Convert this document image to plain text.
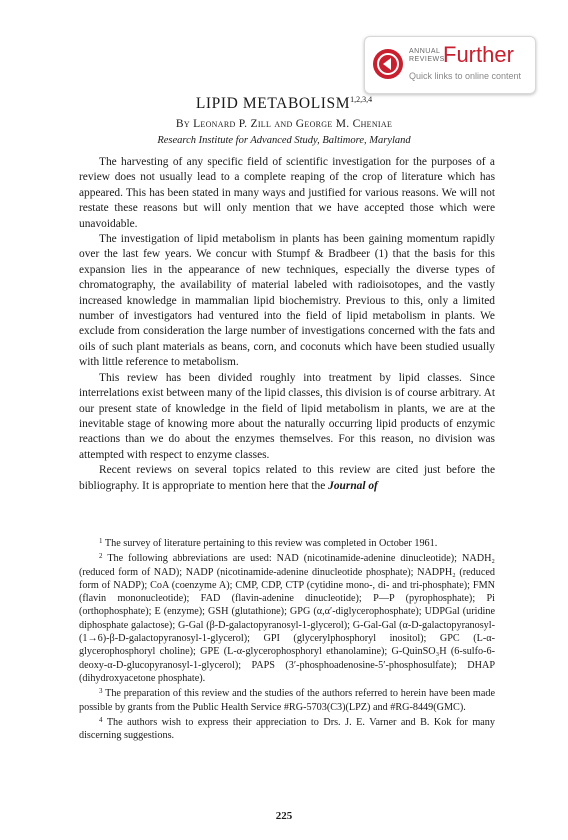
ANNUAL
REVIEWS
Further
Quick links to online content
LIPID METABOLISM$^{1,2,3,4}$
By Leonard P. Zill and George M. Cheniae
Research Institute for Advanced Study, Baltimore, Maryland

The harvesting of any specific field of scientific investigation for the purposes of a review does not usually lead to a complete reaping of the crop of literature which has appeared. This has been stated in many ways and justified for various reasons. We will not restate these reasons but will only mention that we have accepted those which were unavoidable.

The investigation of lipid metabolism in plants has been gaining momentum rapidly over the last few years. We concur with Stumpf & Bradbeer (1) that the basis for this expansion lies in the appearance of new techniques, especially the diverse types of chromatography, the availability of material labeled with radioisotopes, and the vastly increased knowledge in mammalian lipid biochemistry. Previous to this, only a limited number of investigators had ventured into the field of lipid metabolism in plants. We exclude from consideration the large number of investigations concerned with the fats and oils of such plant materials as beans, corn, and coconuts which have been studied usually with little reference to metabolism.

This review has been divided roughly into treatment by lipid classes. Since interrelations exist between many of the lipid classes, this division is of course arbitrary. At our present state of knowledge in the field of lipid metabolism in plants, we are at the inevitable stage of knowing more about the naturally occurring lipid products of enzymic reactions than we do about the enzymes themselves. For this reason, no division was attempted with respect to enzyme classes.

Recent reviews on several topics related to this review are cited just before the bibliography. It is appropriate to mention here that the Journal of

$^1$ The survey of literature pertaining to this review was completed in October 1961.

$^2$ The following abbreviations are used: NAD (nicotinamide-adenine dinucleotide); NADH₂ (reduced form of NAD); NADP (nicotinamide-adenine dinucleotide phosphate); NADPH₂ (reduced form of NADP); CoA (coenzyme A); CMP, CDP, CTP (cytidine mono-, di- and tri-phosphate); FMN (flavin mononucleotide); FAD (flavin-adenine dinucleotide); P—P (pyrophosphate); Pi (orthophosphate); E (enzyme); GSH (glutathione); GPG (α,α′-diglycerophosphate); UDPGal (uridine diphosphate galactose); G-Gal (β-D-galactopyranosyl-1-glycerol); G-Gal-Gal (α-D-galactopyranosyl-(1→6)-β-D-galactopyranosyl-1-glycerol); GPI (glycerylphosphoryl inositol); GPC (L-α-glycerophosphoryl choline); GPE (L-α-glycerophosphoryl ethanolamine); G-QuinSO₃H (6-sulfo-6-deoxy-α-D-glucopyranosyl-1-glycerol); PAPS (3′-phosphoadenosine-5′-phosphosulfate); DHAP (dihydroxyacetone phosphate).

$^3$ The preparation of this review and the studies of the authors referred to herein have been made possible by grants from the Public Health Service #RG-5703(C3)(LPZ) and #RG-8449(GMC).

$^4$ The authors wish to express their appreciation to Drs. J. E. Varner and B. Kok for many discerning suggestions.

225
